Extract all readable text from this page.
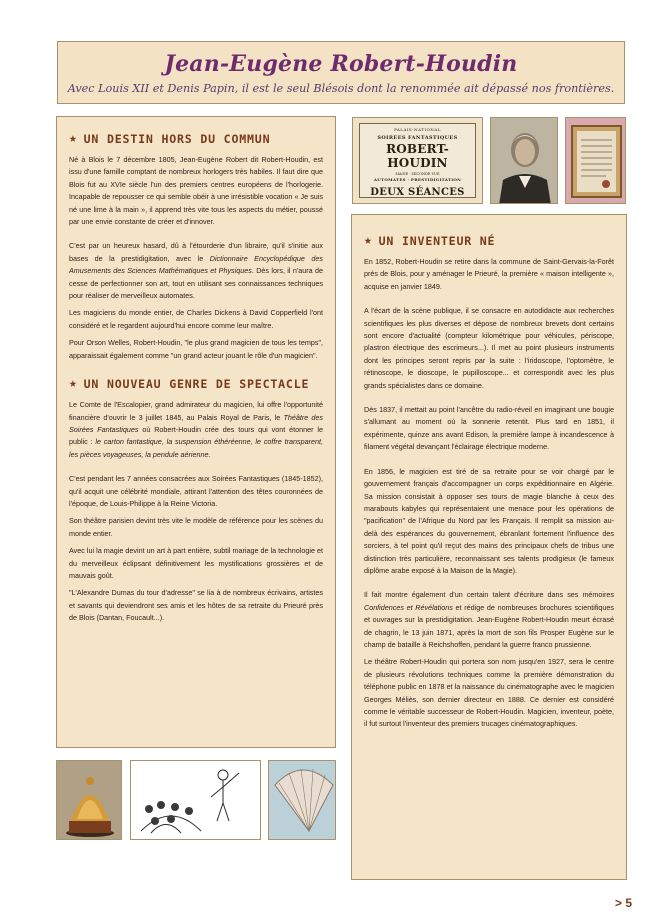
Jean-Eugène Robert-Houdin
Avec Louis XII et Denis Papin, il est le seul Blésois dont la renommée ait dépassé nos frontières.
PALAIS-NATIONAL
SOIRÉES FANTASTIQUES
ROBERT-HOUDIN
MAGIE · SECONDE VUE
AUTOMATES · PRESTIDIGITATION
DEUX SÉANCES
★ UN DESTIN HORS DU COMMUN

Né à Blois le 7 décembre 1805, Jean-Eugène Robert dit Robert-Houdin, est issu d'une famille comptant de nombreux horlogers très habiles. Il faut dire que Blois fut au XVIe siècle l'un des premiers centres européens de l'horlogerie. Incapable de repousser ce qui semble obéir à une irrésistible vocation « Je suis né une lime à la main », il apprend très vite tous les aspects du métier, poussé par une envie constante de créer et d'innover.

C'est par un heureux hasard, dû à l'étourderie d'un libraire, qu'il s'initie aux bases de la prestidigitation, avec le Dictionnaire Encyclopédique des Amusements des Sciences Mathématiques et Physiques. Dès lors, il n'aura de cesse de perfectionner son art, tout en utilisant ses connaissances techniques pour réaliser de merveilleux automates.

Les magiciens du monde entier, de Charles Dickens à David Copperfield l'ont considéré et le regardent aujourd'hui encore comme leur maître.

Pour Orson Welles, Robert-Houdin, "le plus grand magicien de tous les temps", apparaissait également comme "un grand acteur jouant le rôle d'un magicien".

★ UN NOUVEAU GENRE DE SPECTACLE

Le Comte de l'Escalopier, grand admirateur du magicien, lui offre l'opportunité financière d'ouvrir le 3 juillet 1845, au Palais Royal de Paris, le Théâtre des Soirées Fantastiques où Robert-Houdin crée des tours qui vont étonner le public : le carton fantastique, la suspension éthéréenne, le coffre transparent, les pièces voyageuses, la pendule aérienne.

C'est pendant les 7 années consacrées aux Soirées Fantastiques (1845-1852), qu'il acquit une célébrité mondiale, attirant l'attention des têtes couronnées de l'époque, de Louis-Philippe à la Reine Victoria.

Son théâtre parisien devint très vite le modèle de référence pour les scènes du monde entier.

Avec lui la magie devint un art à part entière, subtil mariage de la technologie et du merveilleux éclipsant définitivement les mystifications grossières et de mauvais goût.

"L'Alexandre Dumas du tour d'adresse" se lia à de nombreux écrivains, artistes et savants qui deviendront ses amis et les hôtes de sa retraite du Prieuré près de Blois (Dantan, Foucault...).

★ UN INVENTEUR NÉ

En 1852, Robert-Houdin se retire dans la commune de Saint-Gervais-la-Forêt près de Blois, pour y aménager le Prieuré, la première « maison intelligente », acquise en janvier 1849.

A l'écart de la scène publique, il se consacre en autodidacte aux recherches scientifiques les plus diverses et dépose de nombreux brevets dont certains sont encore d'actualité (compteur kilométrique pour véhicules, périscope, plastron électrique des escrimeurs...). Il met au point plusieurs instruments dont les principes seront repris par la suite : l'iridoscope, l'optomètre, le rétinoscope, le dioscope, le pupilloscope... et correspondit avec les plus grands spécialistes dans ce domaine.

Dès 1837, il mettait au point l'ancêtre du radio-réveil en imaginant une bougie s'allumant au moment où la sonnerie retentit. Plus tard en 1851, il expérimente, quinze ans avant Edison, la première lampe à incandescence à filament végétal devançant l'éclairage électrique moderne.

En 1856, le magicien est tiré de sa retraite pour se voir chargé par le gouvernement français d'accompagner un corps expéditionnaire en Algérie. Sa mission consistait à opposer ses tours de magie blanche à ceux des marabouts kabyles qui représentaient une menace pour les opérations de "pacification" de l'Afrique du Nord par les Français. Il remplit sa mission au-delà des espérances du gouvernement, ébranlant fortement l'influence des sorciers, à tel point qu'il reçut des mains des principaux chefs de tribus une distinction très particulière, reconnaissant ses talents prodigieux (le fameux diplôme arabe exposé à la Maison de la Magie).

Il fait montre également d'un certain talent d'écriture dans ses mémoires Confidences et Révélations et rédige de nombreuses brochures scientifiques et ouvrages sur la prestidigitation. Jean-Eugène Robert-Houdin meurt écrasé de chagrin, le 13 juin 1871, après la mort de son fils Prosper Eugène sur le champ de bataille à Reichshoffen, pendant la guerre franco prussienne.

Le théâtre Robert-Houdin qui portera son nom jusqu'en 1927, sera le centre de plusieurs révolutions techniques comme la première démonstration du téléphone public en 1878 et la naissance du cinématographe avec le magicien Georges Méliès, son dernier directeur en 1888. Ce dernier est considéré comme le véritable successeur de Robert-Houdin. Magicien, inventeur, poète, il fut surtout l'inventeur des premiers trucages cinématographiques.

> 5
